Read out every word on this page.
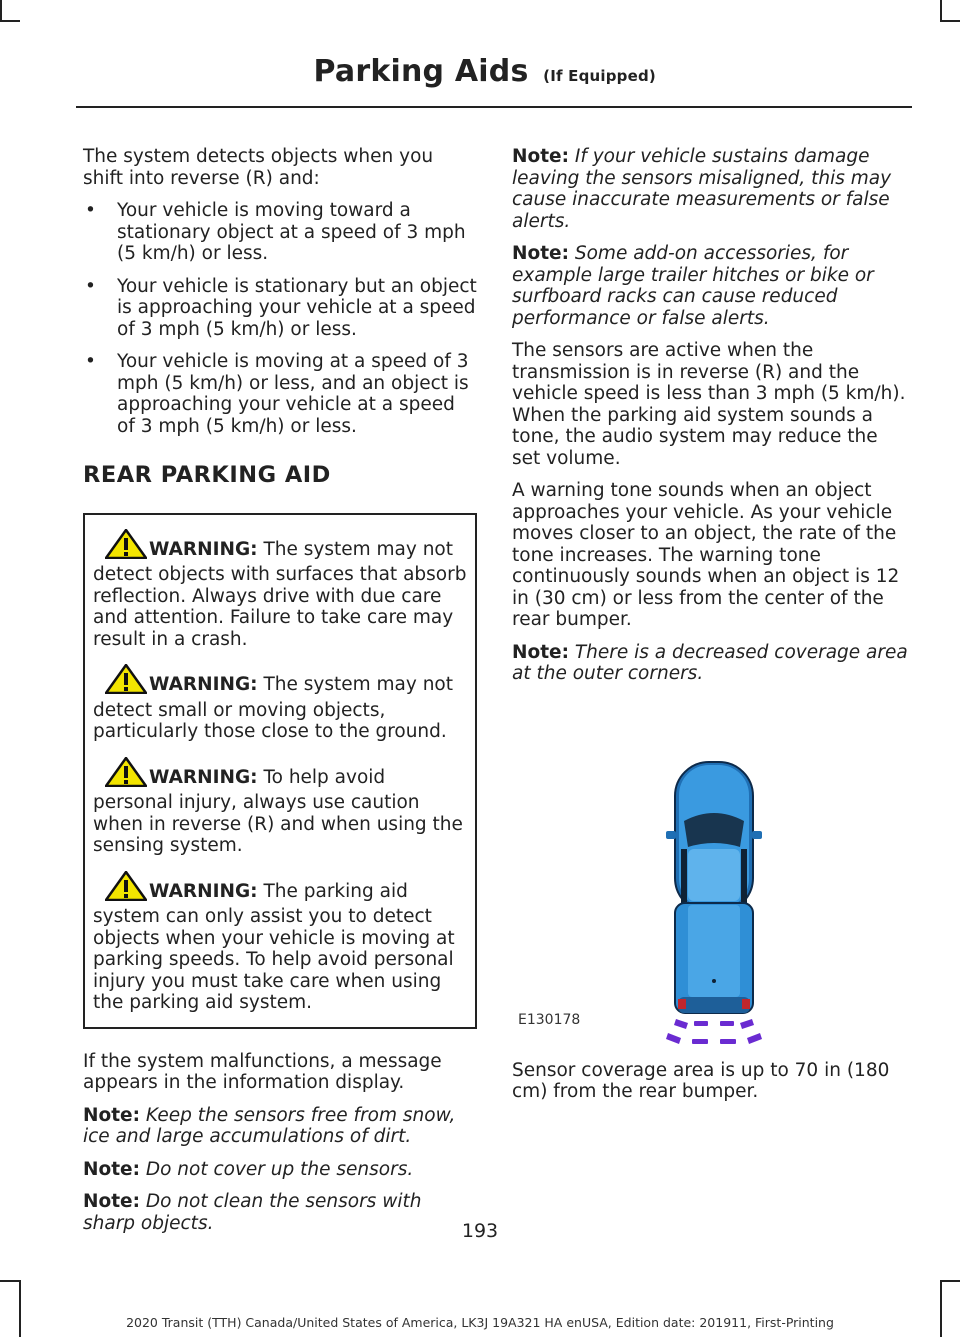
Parking Aids (If Equipped)

The system detects objects when you shift into reverse (R) and:

• Your vehicle is moving toward a stationary object at a speed of 3 mph (5 km/h) or less.
• Your vehicle is stationary but an object is approaching your vehicle at a speed of 3 mph (5 km/h) or less.
• Your vehicle is moving at a speed of 3 mph (5 km/h) or less, and an object is approaching your vehicle at a speed of 3 mph (5 km/h) or less.
REAR PARKING AID

WARNING: The system may not detect objects with surfaces that absorb reflection. Always drive with due care and attention. Failure to take care may result in a crash.

WARNING: The system may not detect small or moving objects, particularly those close to the ground.

WARNING: To help avoid personal injury, always use caution when in reverse (R) and when using the sensing system.

WARNING: The parking aid system can only assist you to detect objects when your vehicle is moving at parking speeds. To help avoid personal injury you must take care when using the parking aid system.

If the system malfunctions, a message appears in the information display.

Note: Keep the sensors free from snow, ice and large accumulations of dirt.

Note: Do not cover up the sensors.

Note: Do not clean the sensors with sharp objects.

Note: If your vehicle sustains damage leaving the sensors misaligned, this may cause inaccurate measurements or false alerts.

Note: Some add-on accessories, for example large trailer hitches or bike or surfboard racks can cause reduced performance or false alerts.

The sensors are active when the transmission is in reverse (R) and the vehicle speed is less than 3 mph (5 km/h). When the parking aid system sounds a tone, the audio system may reduce the set volume.

A warning tone sounds when an object approaches your vehicle. As your vehicle moves closer to an object, the rate of the tone increases. The warning tone continuously sounds when an object is 12 in (30 cm) or less from the center of the rear bumper.

Note: There is a decreased coverage area at the outer corners.

E130178

Sensor coverage area is up to 70 in (180 cm) from the rear bumper.

193
2020 Transit (TTH) Canada/United States of America, LK3J 19A321 HA enUSA, Edition date: 201911, First-Printing
